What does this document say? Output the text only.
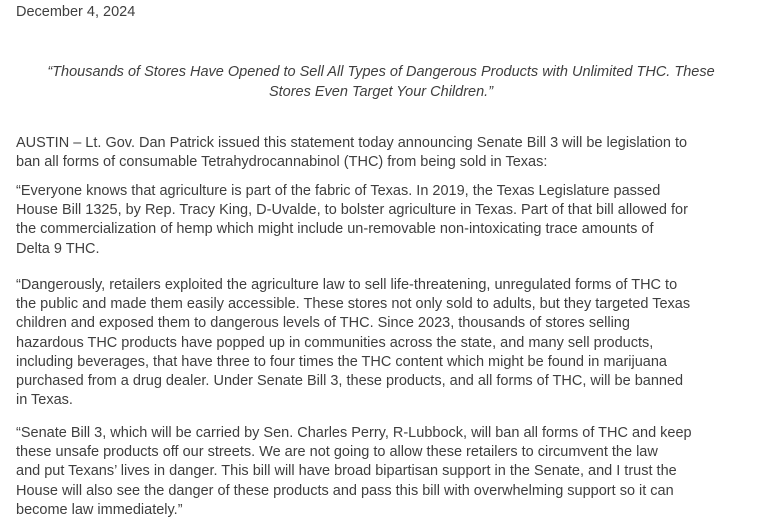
December 4, 2024
“Thousands of Stores Have Opened to Sell All Types of Dangerous Products with Unlimited THC. These
Stores Even Target Your Children.”
AUSTIN – Lt. Gov. Dan Patrick issued this statement today announcing Senate Bill 3 will be legislation to
ban all forms of consumable Tetrahydrocannabinol (THC) from being sold in Texas:
“Everyone knows that agriculture is part of the fabric of Texas. In 2019, the Texas Legislature passed
House Bill 1325, by Rep. Tracy King, D-Uvalde, to bolster agriculture in Texas. Part of that bill allowed for
the commercialization of hemp which might include un-removable non-intoxicating trace amounts of
Delta 9 THC.
“Dangerously, retailers exploited the agriculture law to sell life-threatening, unregulated forms of THC to
the public and made them easily accessible. These stores not only sold to adults, but they targeted Texas
children and exposed them to dangerous levels of THC. Since 2023, thousands of stores selling
hazardous THC products have popped up in communities across the state, and many sell products,
including beverages, that have three to four times the THC content which might be found in marijuana
purchased from a drug dealer. Under Senate Bill 3, these products, and all forms of THC, will be banned
in Texas.
“Senate Bill 3, which will be carried by Sen. Charles Perry, R-Lubbock, will ban all forms of THC and keep
these unsafe products off our streets. We are not going to allow these retailers to circumvent the law
and put Texans’ lives in danger. This bill will have broad bipartisan support in the Senate, and I trust the
House will also see the danger of these products and pass this bill with overwhelming support so it can
become law immediately.”
